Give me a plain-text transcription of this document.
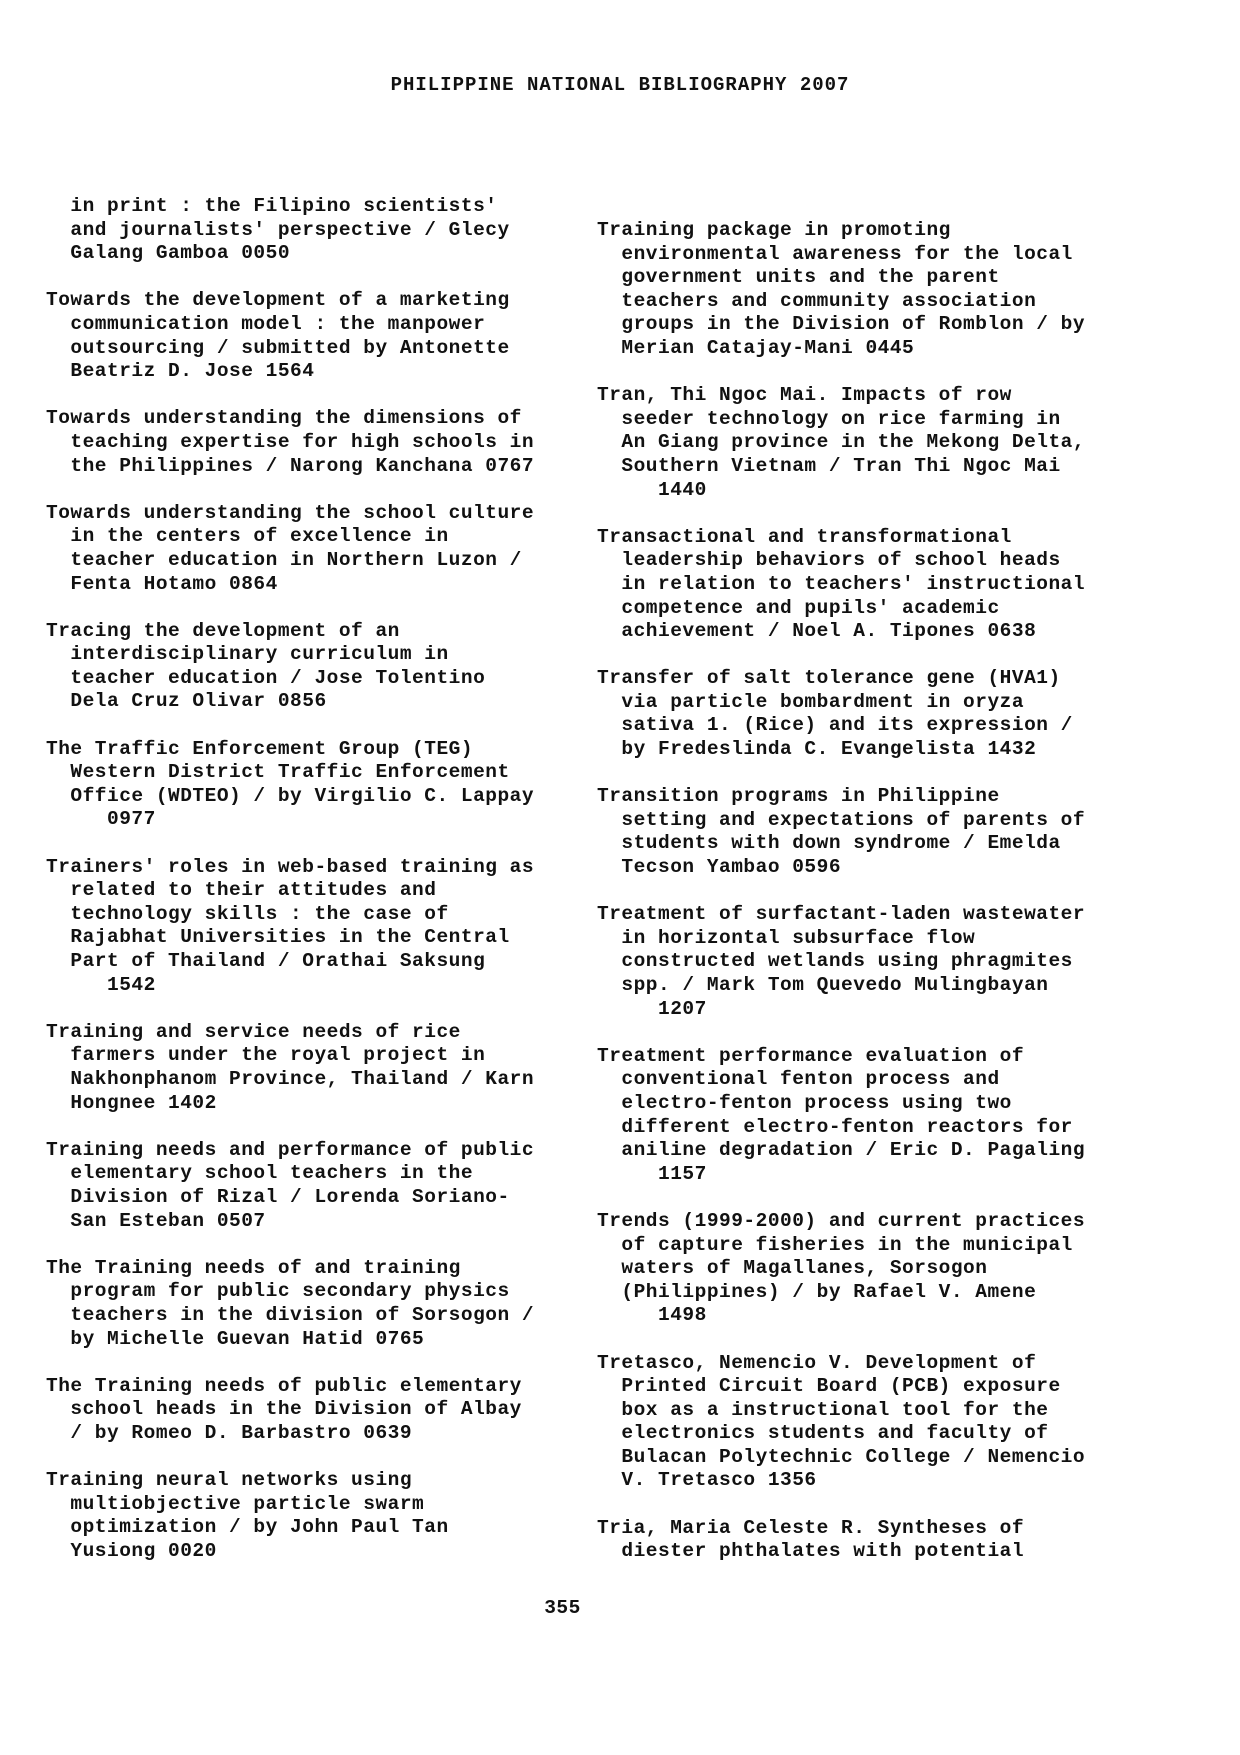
PHILIPPINE NATIONAL BIBLIOGRAPHY 2007

in print : the Filipino scientists'
and journalists' perspective / Glecy
Galang Gamboa 0050

Towards the development of a marketing
communication model : the manpower
outsourcing / submitted by Antonette
Beatriz D. Jose 1564

Towards understanding the dimensions of
teaching expertise for high schools in
the Philippines / Narong Kanchana 0767

Towards understanding the school culture
in the centers of excellence in
teacher education in Northern Luzon /
Fenta Hotamo 0864

Tracing the development of an
interdisciplinary curriculum in
teacher education / Jose Tolentino
Dela Cruz Olivar 0856

The Traffic Enforcement Group (TEG)
Western District Traffic Enforcement
Office (WDTEO) / by Virgilio C. Lappay
0977

Trainers' roles in web-based training as
related to their attitudes and
technology skills : the case of
Rajabhat Universities in the Central
Part of Thailand / Orathai Saksung
1542

Training and service needs of rice
farmers under the royal project in
Nakhonphanom Province, Thailand / Karn
Hongnee 1402

Training needs and performance of public
elementary school teachers in the
Division of Rizal / Lorenda Soriano-
San Esteban 0507

The Training needs of and training
program for public secondary physics
teachers in the division of Sorsogon /
by Michelle Guevan Hatid 0765

The Training needs of public elementary
school heads in the Division of Albay
/ by Romeo D. Barbastro 0639

Training neural networks using
multiobjective particle swarm
optimization / by John Paul Tan
Yusiong 0020

Training package in promoting
environmental awareness for the local
government units and the parent
teachers and community association
groups in the Division of Romblon / by
Merian Catajay-Mani 0445

Tran, Thi Ngoc Mai. Impacts of row
seeder technology on rice farming in
An Giang province in the Mekong Delta,
Southern Vietnam / Tran Thi Ngoc Mai
1440

Transactional and transformational
leadership behaviors of school heads
in relation to teachers' instructional
competence and pupils' academic
achievement / Noel A. Tipones 0638

Transfer of salt tolerance gene (HVA1)
via particle bombardment in oryza
sativa 1. (Rice) and its expression /
by Fredeslinda C. Evangelista 1432

Transition programs in Philippine
setting and expectations of parents of
students with down syndrome / Emelda
Tecson Yambao 0596

Treatment of surfactant-laden wastewater
in horizontal subsurface flow
constructed wetlands using phragmites
spp. / Mark Tom Quevedo Mulingbayan
1207

Treatment performance evaluation of
conventional fenton process and
electro-fenton process using two
different electro-fenton reactors for
aniline degradation / Eric D. Pagaling
1157

Trends (1999-2000) and current practices
of capture fisheries in the municipal
waters of Magallanes, Sorsogon
(Philippines) / by Rafael V. Amene
1498

Tretasco, Nemencio V. Development of
Printed Circuit Board (PCB) exposure
box as a instructional tool for the
electronics students and faculty of
Bulacan Polytechnic College / Nemencio
V. Tretasco 1356

Tria, Maria Celeste R. Syntheses of
diester phthalates with potential

355
